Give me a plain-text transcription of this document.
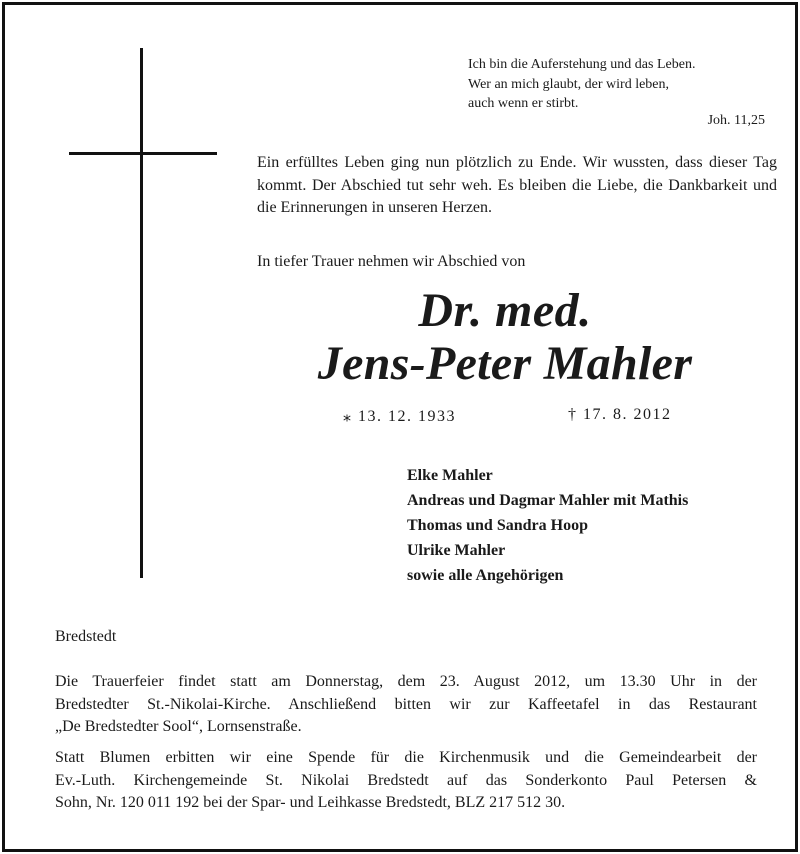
Ich bin die Auferstehung und das Leben.
Wer an mich glaubt, der wird leben,
auch wenn er stirbt.
Joh. 11,25
Ein erfülltes Leben ging nun plötzlich zu Ende. Wir wussten, dass dieser Tag kommt. Der Abschied tut sehr weh. Es bleiben die Liebe, die Dankbarkeit und die Erinnerungen in unseren Herzen.
In tiefer Trauer nehmen wir Abschied von
Dr. med.
Jens-Peter Mahler
⁎ 13. 12. 1933	† 17. 8. 2012
Elke Mahler
Andreas und Dagmar Mahler mit Mathis
Thomas und Sandra Hoop
Ulrike Mahler
sowie alle Angehörigen
Bredstedt
Die Trauerfeier findet statt am Donnerstag, dem 23. August 2012, um 13.30 Uhr in der
Bredstedter St.-Nikolai-Kirche. Anschließend bitten wir zur Kaffeetafel in das Restaurant
„De Bredstedter Sool“, Lornsenstraße.
Statt Blumen erbitten wir eine Spende für die Kirchenmusik und die Gemeindearbeit der
Ev.-Luth. Kirchengemeinde St. Nikolai Bredstedt auf das Sonderkonto Paul Petersen &
Sohn, Nr. 120 011 192 bei der Spar- und Leihkasse Bredstedt, BLZ 217 512 30.
